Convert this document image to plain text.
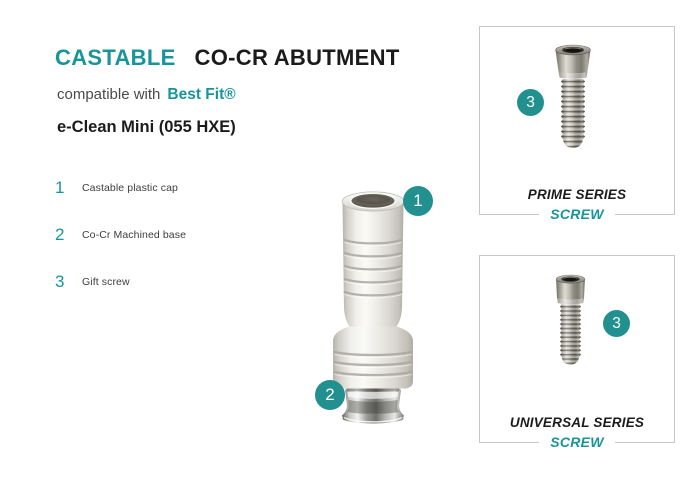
CASTABLE CO-CR ABUTMENT

compatible with Best Fit®

e-Clean Mini (055 HXE)

1	Castable plastic cap
2	Co-Cr Machined base
3	Gift screw
1
2
3
PRIME SERIES
SCREW
3
UNIVERSAL SERIES
SCREW
